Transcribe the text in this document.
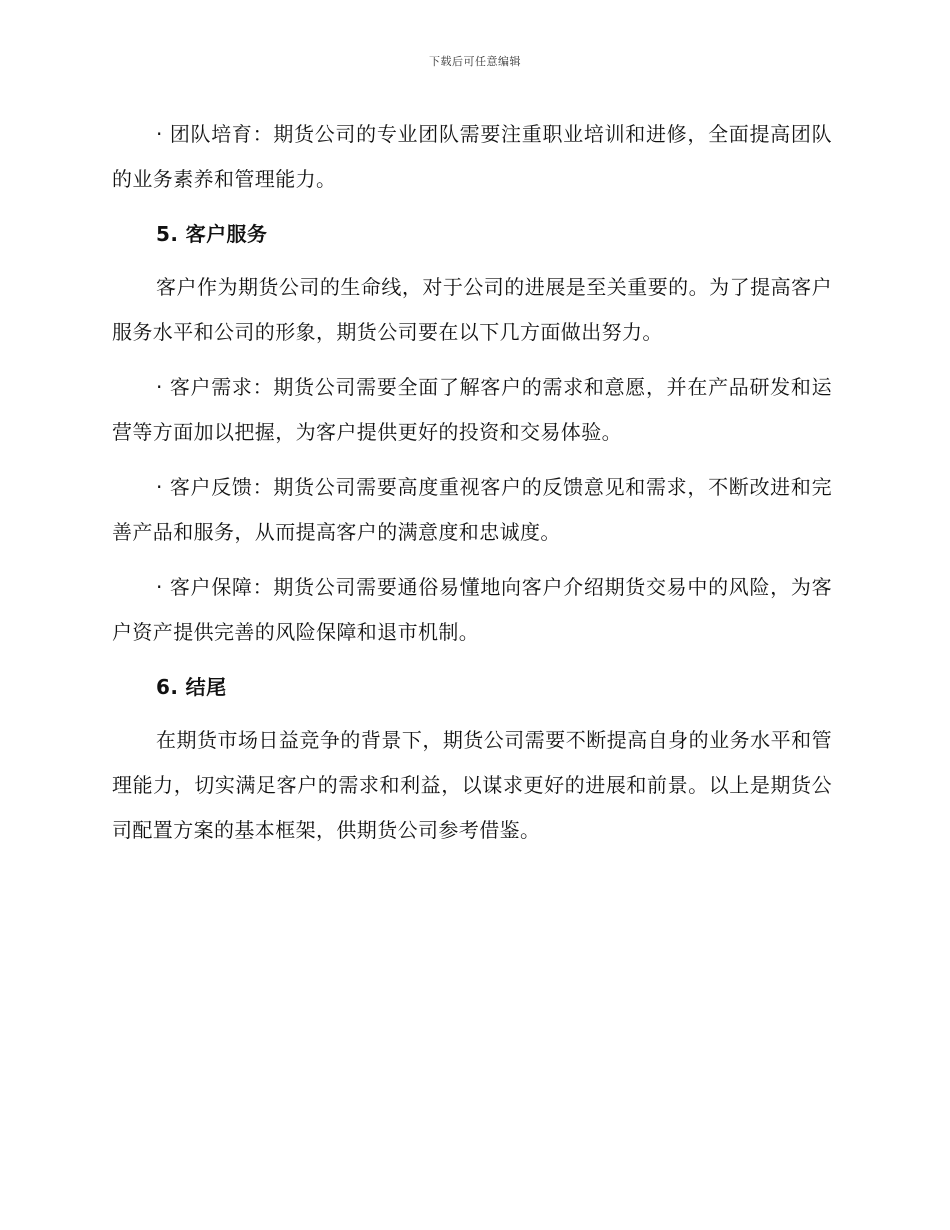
下载后可任意编辑

· 团队培育：期货公司的专业团队需要注重职业培训和进修，全面提高团队的业务素养和管理能力。

5. 客户服务

客户作为期货公司的生命线，对于公司的进展是至关重要的。为了提高客户服务水平和公司的形象，期货公司要在以下几方面做出努力。

· 客户需求：期货公司需要全面了解客户的需求和意愿，并在产品研发和运营等方面加以把握，为客户提供更好的投资和交易体验。

· 客户反馈：期货公司需要高度重视客户的反馈意见和需求，不断改进和完善产品和服务，从而提高客户的满意度和忠诚度。

· 客户保障：期货公司需要通俗易懂地向客户介绍期货交易中的风险，为客户资产提供完善的风险保障和退市机制。

6. 结尾

在期货市场日益竞争的背景下，期货公司需要不断提高自身的业务水平和管理能力，切实满足客户的需求和利益，以谋求更好的进展和前景。以上是期货公司配置方案的基本框架，供期货公司参考借鉴。
